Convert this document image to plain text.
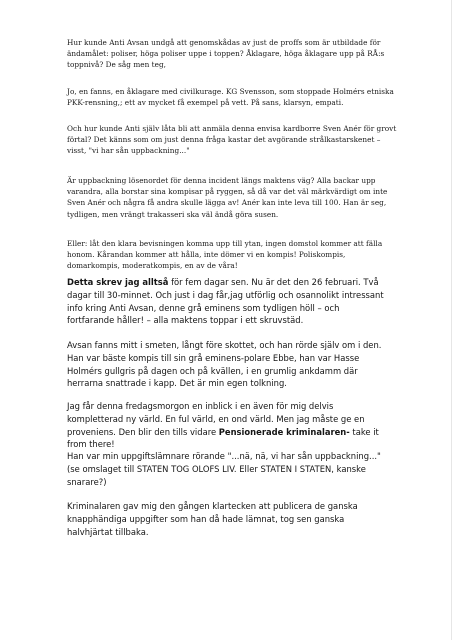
Hur kunde Anti Avsan undgå att genomskådas av just de proffs som är utbildade för
ändamålet: poliser, höga poliser uppe i toppen? Åklagare, höga åklagare upp på RÅ:s
toppnivå? De såg men teg,

Jo, en fanns, en åklagare med civilkurage. KG Svensson, som stoppade Holmérs etniska
PKK-rensning,; ett av mycket få exempel på vett. På sans, klarsyn, empati.

Och hur kunde Anti själv låta bli att anmäla denna envisa kardborre Sven Anér för grovt
förtal? Det känns som om just denna fråga kastar det avgörande strålkastarskenet –
visst, "vi har sån uppbackning..."

Är uppbackning lösenordet för denna incident längs maktens väg? Alla backar upp
varandra, alla borstar sina kompisar på ryggen, så då var det väl märkvärdigt om inte
Sven Anér och några få andra skulle lägga av! Anér kan inte leva till 100. Han är seg,
tydligen, men vrängt trakasseri ska väl ändå göra susen.

Eller: låt den klara bevisningen komma upp till ytan, ingen domstol kommer att fälla
honom. Kårandan kommer att hålla, inte dömer vi en kompis! Poliskompis,
domarkompis, moderatkompis, en av de våra!

Detta skrev jag alltså för fem dagar sen. Nu är det den 26 februari. Två
dagar till 30-minnet. Och just i dag får,jag utförlig och osannolikt intressant
info kring Anti Avsan, denne grå eminens som tydligen höll – och
fortfarande håller! – alla maktens toppar i ett skruvstäd.

Avsan fanns mitt i smeten, långt före skottet, och han rörde själv om i den.
Han var bäste kompis till sin grå eminens-polare Ebbe, han var Hasse
Holmérs gullgris på dagen och på kvällen, i en grumlig ankdamm där
herrarna snattrade i kapp. Det är min egen tolkning.

Jag får denna fredagsmorgon en inblick i en även för mig delvis
kompletterad ny värld. En ful värld, en ond värld. Men jag måste ge en
proveniens. Den blir den tills vidare Pensionerade kriminalaren- take it
from there!

Han var min uppgiftslämnare rörande "...nä, nä, vi har sån uppbackning..."
(se omslaget till STATEN TOG OLOFS LIV. Eller STATEN I STATEN, kanske
snarare?)

Kriminalaren gav mig den gången klartecken att publicera de ganska
knapphändiga uppgifter som han då hade lämnat, tog sen ganska
halvhjärtat tillbaka.
